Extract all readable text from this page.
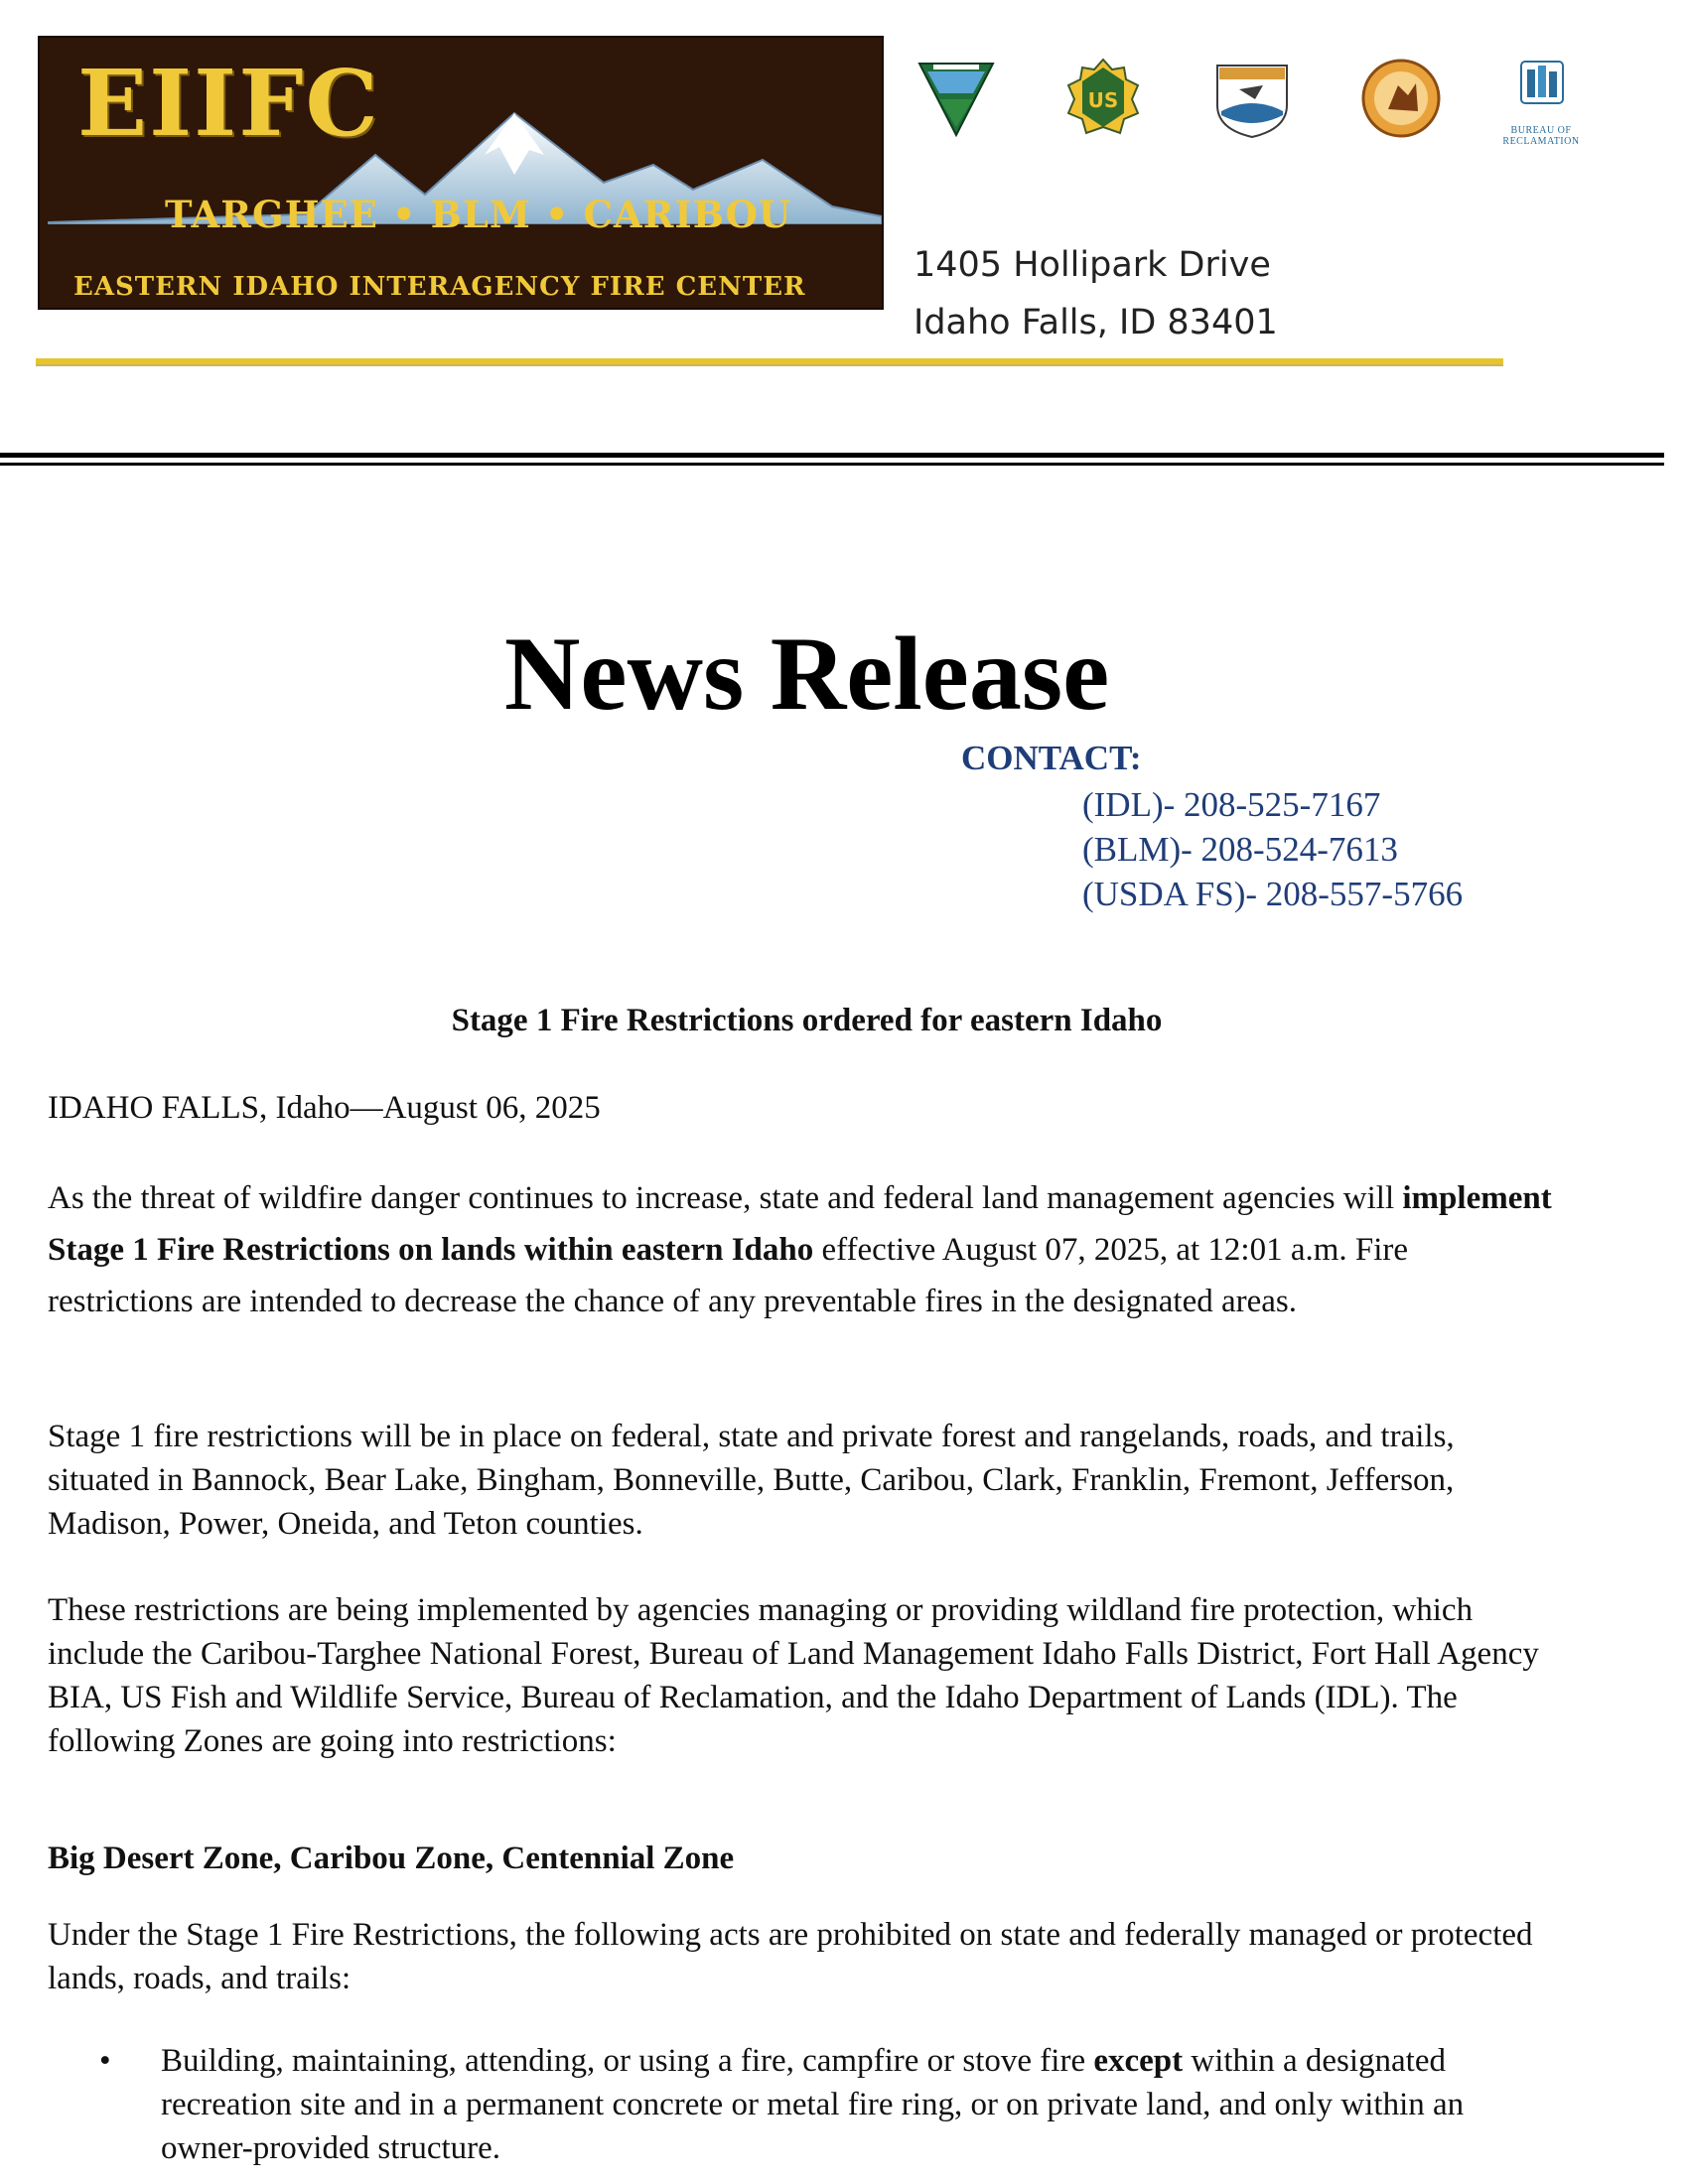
EIIFC
TARGHEE • BLM • CARIBOU
EASTERN IDAHO INTERAGENCY FIRE CENTER
US
BUREAU OF
RECLAMATION
1405 Hollipark Drive
Idaho Falls, ID 83401
News Release
CONTACT:
(IDL)- 208-525-7167
(BLM)- 208-524-7613
(USDA FS)- 208-557-5766
Stage 1 Fire Restrictions ordered for eastern Idaho
IDAHO FALLS, Idaho—August 06, 2025
As the threat of wildfire danger continues to increase, state and federal land management agencies will implement Stage 1 Fire Restrictions on lands within eastern Idaho effective August 07, 2025, at 12:01 a.m. Fire restrictions are intended to decrease the chance of any preventable fires in the designated areas.
Stage 1 fire restrictions will be in place on federal, state and private forest and rangelands, roads, and trails, situated in Bannock, Bear Lake, Bingham, Bonneville, Butte, Caribou, Clark, Franklin, Fremont, Jefferson, Madison, Power, Oneida, and Teton counties.
These restrictions are being implemented by agencies managing or providing wildland fire protection, which include the Caribou-Targhee National Forest, Bureau of Land Management Idaho Falls District, Fort Hall Agency BIA, US Fish and Wildlife Service, Bureau of Reclamation, and the Idaho Department of Lands (IDL). The following Zones are going into restrictions:
Big Desert Zone, Caribou Zone, Centennial Zone
Under the Stage 1 Fire Restrictions, the following acts are prohibited on state and federally managed or protected lands, roads, and trails:
•	Building, maintaining, attending, or using a fire, campfire or stove fire except within a designated recreation site and in a permanent concrete or metal fire ring, or on private land, and only within an owner-provided structure.
